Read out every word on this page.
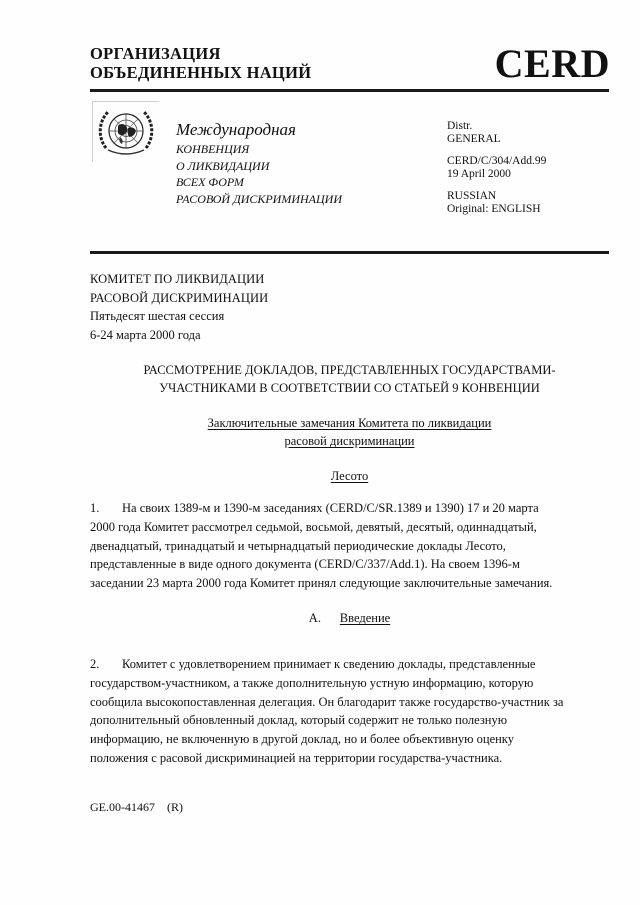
ОРГАНИЗАЦИЯ
ОБЪЕДИНЕННЫХ НАЦИЙ	CERD
Международная
КОНВЕНЦИЯ
О ЛИКВИДАЦИИ
ВСЕХ ФОРМ
РАСОВОЙ ДИСКРИМИНАЦИИ
Distr.
GENERAL
CERD/C/304/Add.99
19 April 2000
RUSSIAN
Original: ENGLISH
КОМИТЕТ ПО ЛИКВИДАЦИИ
РАСОВОЙ ДИСКРИМИНАЦИИ
Пятьдесят шестая сессия
6-24 марта 2000 года
РАССМОТРЕНИЕ ДОКЛАДОВ, ПРЕДСТАВЛЕННЫХ ГОСУДАРСТВАМИ-
УЧАСТНИКАМИ В СООТВЕТСТВИИ СО СТАТЬЕЙ 9 КОНВЕНЦИИ
Заключительные замечания Комитета по ликвидации
расовой дискриминации
Лесото
1. На своих 1389-м и 1390-м заседаниях (CERD/C/SR.1389 и 1390) 17 и 20 марта
2000 года Комитет рассмотрел седьмой, восьмой, девятый, десятый, одиннадцатый,
двенадцатый, тринадцатый и четырнадцатый периодические доклады Лесото,
представленные в виде одного документа (CERD/C/337/Add.1). На своем 1396-м
заседании 23 марта 2000 года Комитет принял следующие заключительные замечания.
A. Введение
2. Комитет с удовлетворением принимает к сведению доклады, представленные
государством-участником, а также дополнительную устную информацию, которую
сообщила высокопоставленная делегация. Он благодарит также государство-участник за
дополнительный обновленный доклад, который содержит не только полезную
информацию, не включенную в другой доклад, но и более объективную оценку
положения с расовой дискриминацией на территории государства-участника.
GE.00-41467 (R)
